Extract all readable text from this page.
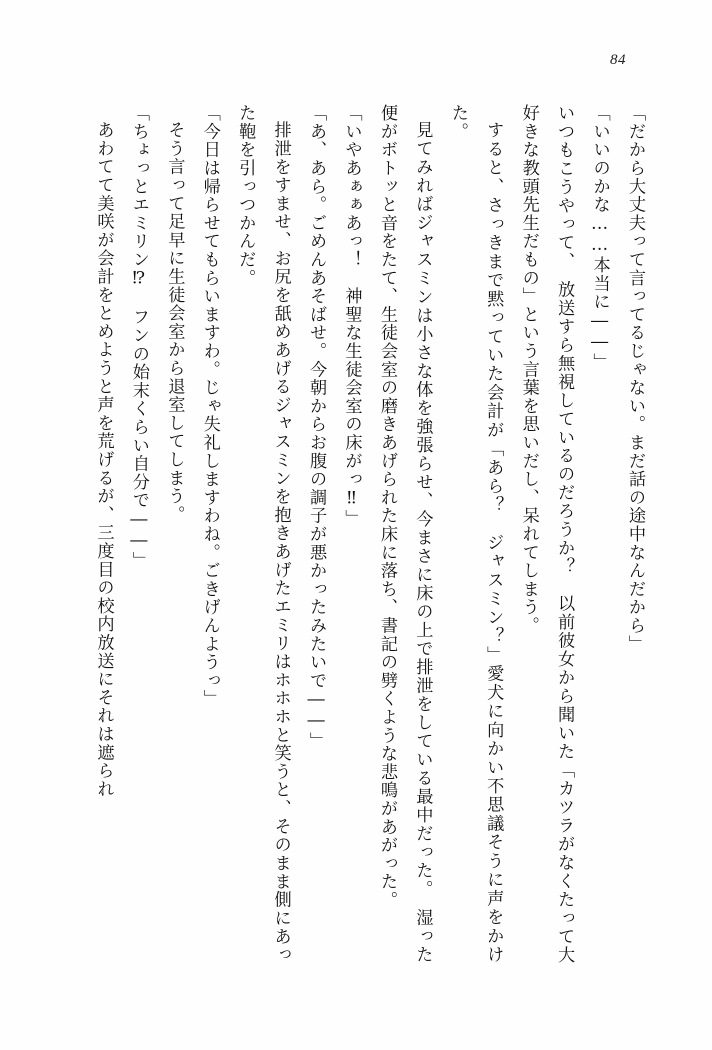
84

「だから大丈夫って言ってるじゃない。まだ話の途中なんだから」

「いいのかな……本当に――」

いつもこうやって、　放送すら無視しているのだろうか？　以前彼女から聞いた「カツラがなくたって大好きな教頭先生だもの」という言葉を思いだし、呆れてしまう。

すると、さっきまで黙っていた会計が「あら？　ジャスミン？」愛犬に向かい不思議そうに声をかけた。

見てみればジャスミンは小さな体を強張らせ、今まさに床の上で排泄をしている最中だった。　湿った便がボトッと音をたて、生徒会室の磨きあげられた床に落ち、書記の劈くような悲鳴があがった。

「いやあぁぁあっ！　神聖な生徒会室の床がっ‼」

「あ、あら。ごめんあそばせ。今朝からお腹の調子が悪かったみたいで――」

排泄をすませ、お尻を舐めあげるジャスミンを抱きあげたエミリはホホホと笑うと、そのまま側にあった鞄を引っつかんだ。

「今日は帰らせてもらいますわ。じゃ失礼しますわね。ごきげんようっ」

そう言って足早に生徒会室から退室してしまう。

「ちょっとエミリン⁉　フンの始末くらい自分で――」

あわてて美咲が会計をとめようと声を荒げるが、三度目の校内放送にそれは遮られ
